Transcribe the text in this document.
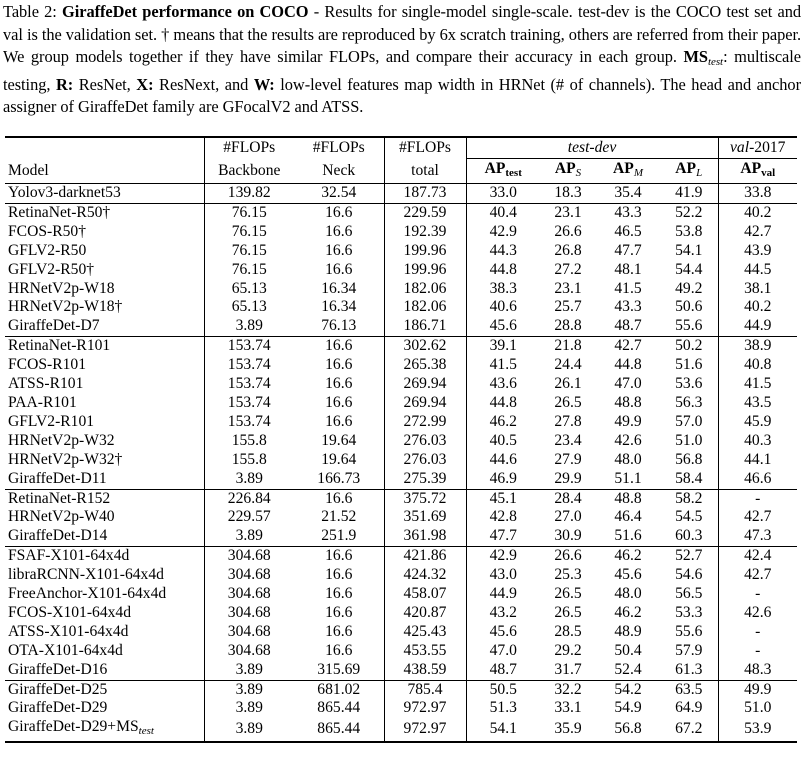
Table 2: GiraffeDet performance on COCO - Results for single-model single-scale. test-dev is the COCO test set and val is the validation set. † means that the results are reproduced by 6x scratch training, others are referred from their paper. We group models together if they have similar FLOPs, and compare their accuracy in each group. MStest: multiscale testing, R: ResNet, X: ResNext, and W: low-level features map width in HRNet (# of channels). The head and anchor assigner of GiraffeDet family are GFocalV2 and ATSS.

	#FLOPs	#FLOPs	#FLOPs	test-dev				val-2017
Model	Backbone	Neck	total	APtest	$AP_S$	$AP_M$	$AP_L$	APval
Yolov3-darknet53	139.82	32.54	187.73	33.0	18.3	35.4	41.9	33.8
RetinaNet-R50†	76.15	16.6	229.59	40.4	23.1	43.3	52.2	40.2
FCOS-R50†	76.15	16.6	192.39	42.9	26.6	46.5	53.8	42.7
GFLV2-R50	76.15	16.6	199.96	44.3	26.8	47.7	54.1	43.9
GFLV2-R50†	76.15	16.6	199.96	44.8	27.2	48.1	54.4	44.5
HRNetV2p-W18	65.13	16.34	182.06	38.3	23.1	41.5	49.2	38.1
HRNetV2p-W18†	65.13	16.34	182.06	40.6	25.7	43.3	50.6	40.2
GiraffeDet-D7	3.89	76.13	186.71	45.6	28.8	48.7	55.6	44.9
RetinaNet-R101	153.74	16.6	302.62	39.1	21.8	42.7	50.2	38.9
FCOS-R101	153.74	16.6	265.38	41.5	24.4	44.8	51.6	40.8
ATSS-R101	153.74	16.6	269.94	43.6	26.1	47.0	53.6	41.5
PAA-R101	153.74	16.6	269.94	44.8	26.5	48.8	56.3	43.5
GFLV2-R101	153.74	16.6	272.99	46.2	27.8	49.9	57.0	45.9
HRNetV2p-W32	155.8	19.64	276.03	40.5	23.4	42.6	51.0	40.3
HRNetV2p-W32†	155.8	19.64	276.03	44.6	27.9	48.0	56.8	44.1
GiraffeDet-D11	3.89	166.73	275.39	46.9	29.9	51.1	58.4	46.6
RetinaNet-R152	226.84	16.6	375.72	45.1	28.4	48.8	58.2	-
HRNetV2p-W40	229.57	21.52	351.69	42.8	27.0	46.4	54.5	42.7
GiraffeDet-D14	3.89	251.9	361.98	47.7	30.9	51.6	60.3	47.3
FSAF-X101-64x4d	304.68	16.6	421.86	42.9	26.6	46.2	52.7	42.4
libraRCNN-X101-64x4d	304.68	16.6	424.32	43.0	25.3	45.6	54.6	42.7
FreeAnchor-X101-64x4d	304.68	16.6	458.07	44.9	26.5	48.0	56.5	-
FCOS-X101-64x4d	304.68	16.6	420.87	43.2	26.5	46.2	53.3	42.6
ATSS-X101-64x4d	304.68	16.6	425.43	45.6	28.5	48.9	55.6	-
OTA-X101-64x4d	304.68	16.6	453.55	47.0	29.2	50.4	57.9	-
GiraffeDet-D16	3.89	315.69	438.59	48.7	31.7	52.4	61.3	48.3
GiraffeDet-D25	3.89	681.02	785.4	50.5	32.2	54.2	63.5	49.9
GiraffeDet-D29	3.89	865.44	972.97	51.3	33.1	54.9	64.9	51.0
GiraffeDet-$D29+MS_{test}$	3.89	865.44	972.97	54.1	35.9	56.8	67.2	53.9
